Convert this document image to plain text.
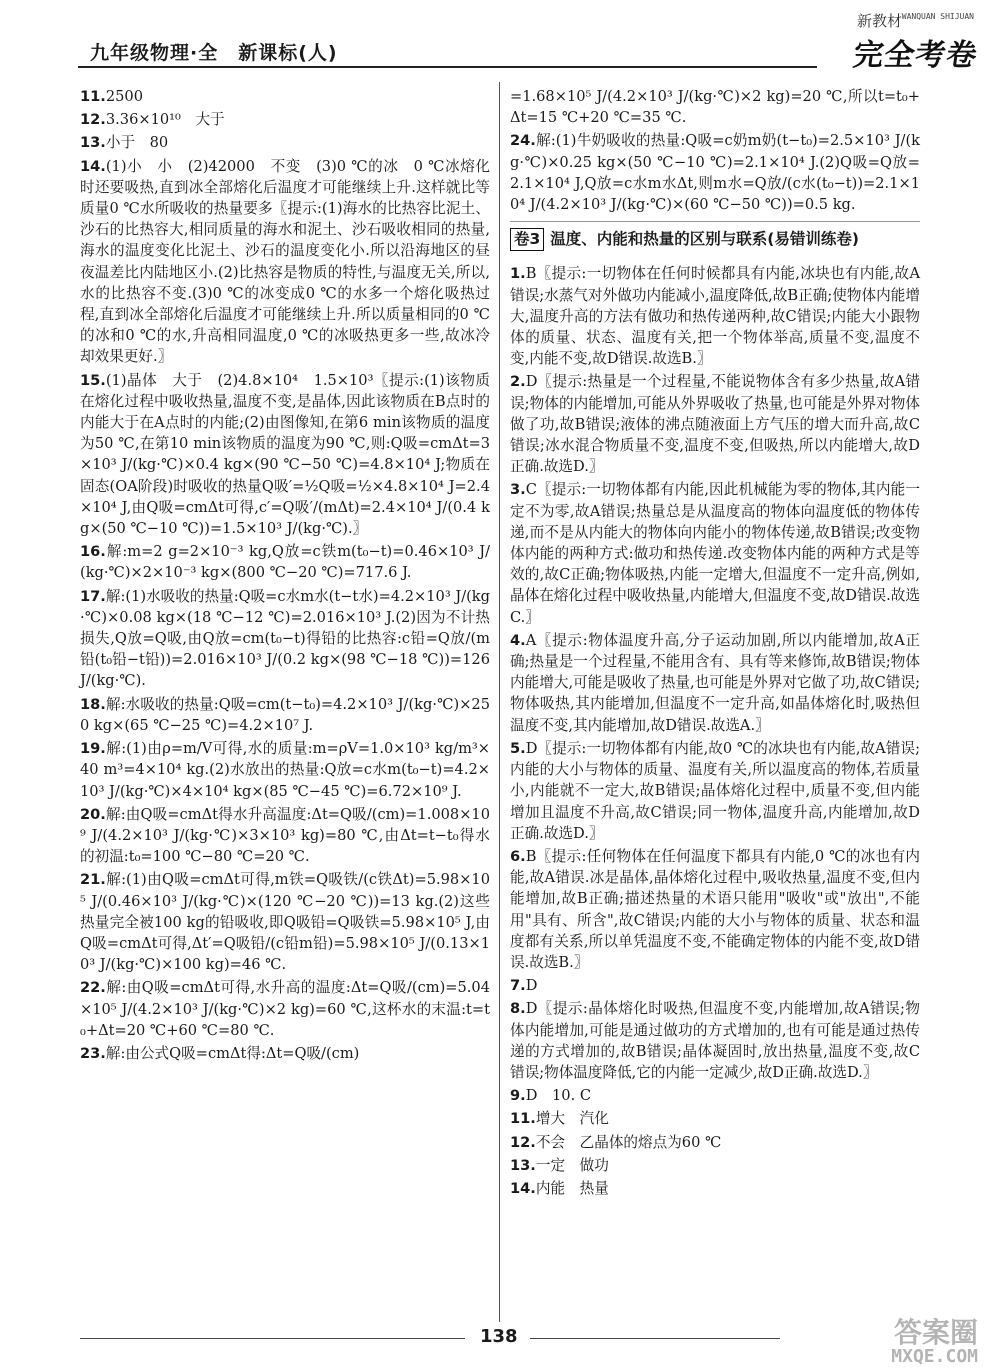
九年级物理·全　新课标(人)
新教材 WANQUAN SHIJUAN
完全考卷

11.2500

12.3.36×10¹⁰　大于

13.小于　80

14.(1)小　小　(2)42000　不变　(3)0 ℃的冰　0 ℃冰熔化时还要吸热,直到冰全部熔化后温度才可能继续上升.这样就比等质量0 ℃水所吸收的热量要多〖提示:(1)海水的比热容比泥土、沙石的比热容大,相同质量的海水和泥土、沙石吸收相同的热量,海水的温度变化比泥土、沙石的温度变化小.所以沿海地区的昼夜温差比内陆地区小.(2)比热容是物质的特性,与温度无关,所以,水的比热容不变.(3)0 ℃的冰变成0 ℃的水多一个熔化吸热过程,直到冰全部熔化后温度才可能继续上升.所以质量相同的0 ℃的冰和0 ℃的水,升高相同温度,0 ℃的冰吸热更多一些,故冰冷却效果更好.〗

15.(1)晶体　大于　(2)4.8×10⁴　1.5×10³〖提示:(1)该物质在熔化过程中吸收热量,温度不变,是晶体,因此该物质在B点时的内能大于在A点时的内能;(2)由图像知,在第6 min该物质的温度为50 ℃,在第10 min该物质的温度为90 ℃,则:Q吸=cmΔt=3×10³ J/(kg·℃)×0.4 kg×(90 ℃−50 ℃)=4.8×10⁴ J;物质在固态(OA阶段)时吸收的热量Q吸′=½Q吸=½×4.8×10⁴ J=2.4×10⁴ J,由Q吸=cmΔt可得,c′=Q吸′/(mΔt)=2.4×10⁴ J/(0.4 kg×(50 ℃−10 ℃))=1.5×10³ J/(kg·℃).〗

16.解:m=2 g=2×10⁻³ kg,Q放=c铁m(t₀−t)=0.46×10³ J/(kg·℃)×2×10⁻³ kg×(800 ℃−20 ℃)=717.6 J.

17.解:(1)水吸收的热量:Q吸=c水m水(t−t水)=4.2×10³ J/(kg·℃)×0.08 kg×(18 ℃−12 ℃)=2.016×10³ J.(2)因为不计热损失,Q放=Q吸,由Q放=cm(t₀−t)得铅的比热容:c铅=Q放/(m铅(t₀铅−t铅))=2.016×10³ J/(0.2 kg×(98 ℃−18 ℃))=126 J/(kg·℃).

18.解:水吸收的热量:Q吸=cm(t−t₀)=4.2×10³ J/(kg·℃)×250 kg×(65 ℃−25 ℃)=4.2×10⁷ J.

19.解:(1)由ρ=m/V可得,水的质量:m=ρV=1.0×10³ kg/m³×40 m³=4×10⁴ kg.(2)水放出的热量:Q放=c水m(t₀−t)=4.2×10³ J/(kg·℃)×4×10⁴ kg×(85 ℃−45 ℃)=6.72×10⁹ J.

20.解:由Q吸=cmΔt得水升高温度:Δt=Q吸/(cm)=1.008×10⁹ J/(4.2×10³ J/(kg·℃)×3×10³ kg)=80 ℃,由Δt=t−t₀得水的初温:t₀=100 ℃−80 ℃=20 ℃.

21.解:(1)由Q吸=cmΔt可得,m铁=Q吸铁/(c铁Δt)=5.98×10⁵ J/(0.46×10³ J/(kg·℃)×(120 ℃−20 ℃))=13 kg.(2)这些热量完全被100 kg的铅吸收,即Q吸铅=Q吸铁=5.98×10⁵ J,由Q吸=cmΔt可得,Δt′=Q吸铅/(c铅m铅)=5.98×10⁵ J/(0.13×10³ J/(kg·℃)×100 kg)=46 ℃.

22.解:由Q吸=cmΔt可得,水升高的温度:Δt=Q吸/(cm)=5.04×10⁵ J/(4.2×10³ J/(kg·℃)×2 kg)=60 ℃,这杯水的末温:t=t₀+Δt=20 ℃+60 ℃=80 ℃.

23.解:由公式Q吸=cmΔt得:Δt=Q吸/(cm)

=1.68×10⁵ J/(4.2×10³ J/(kg·℃)×2 kg)=20 ℃,所以t=t₀+Δt=15 ℃+20 ℃=35 ℃.

24.解:(1)牛奶吸收的热量:Q吸=c奶m奶(t−t₀)=2.5×10³ J/(kg·℃)×0.25 kg×(50 ℃−10 ℃)=2.1×10⁴ J.(2)Q吸=Q放=2.1×10⁴ J,Q放=c水m水Δt,则m水=Q放/(c水(t₀−t))=2.1×10⁴ J/(4.2×10³ J/(kg·℃)×(60 ℃−50 ℃))=0.5 kg.

卷3 温度、内能和热量的区别与联系(易错训练卷)

1.B〖提示:一切物体在任何时候都具有内能,冰块也有内能,故A错误;水蒸气对外做功内能减小,温度降低,故B正确;使物体内能增大,温度升高的方法有做功和热传递两种,故C错误;内能大小跟物体的质量、状态、温度有关,把一个物体举高,质量不变,温度不变,内能不变,故D错误.故选B.〗

2.D〖提示:热量是一个过程量,不能说物体含有多少热量,故A错误;物体的内能增加,可能从外界吸收了热量,也可能是外界对物体做了功,故B错误;液体的沸点随液面上方气压的增大而升高,故C错误;冰水混合物质量不变,温度不变,但吸热,所以内能增大,故D正确.故选D.〗

3.C〖提示:一切物体都有内能,因此机械能为零的物体,其内能一定不为零,故A错误;热量总是从温度高的物体向温度低的物体传递,而不是从内能大的物体向内能小的物体传递,故B错误;改变物体内能的两种方式:做功和热传递.改变物体内能的两种方式是等效的,故C正确;物体吸热,内能一定增大,但温度不一定升高,例如,晶体在熔化过程中吸收热量,内能增大,但温度不变,故D错误.故选C.〗

4.A〖提示:物体温度升高,分子运动加剧,所以内能增加,故A正确;热量是一个过程量,不能用含有、具有等来修饰,故B错误;物体内能增大,可能是吸收了热量,也可能是外界对它做了功,故C错误;物体吸热,其内能增加,但温度不一定升高,如晶体熔化时,吸热但温度不变,其内能增加,故D错误.故选A.〗

5.D〖提示:一切物体都有内能,故0 ℃的冰块也有内能,故A错误;内能的大小与物体的质量、温度有关,所以温度高的物体,若质量小,内能就不一定大,故B错误;晶体熔化过程中,质量不变,但内能增加且温度不升高,故C错误;同一物体,温度升高,内能增加,故D正确.故选D.〗

6.B〖提示:任何物体在任何温度下都具有内能,0 ℃的冰也有内能,故A错误.冰是晶体,晶体熔化过程中,吸收热量,温度不变,但内能增加,故B正确;描述热量的术语只能用"吸收"或"放出",不能用"具有、所含",故C错误;内能的大小与物体的质量、状态和温度都有关系,所以单凭温度不变,不能确定物体的内能不变,故D错误.故选B.〗

7.D

8.D〖提示:晶体熔化时吸热,但温度不变,内能增加,故A错误;物体内能增加,可能是通过做功的方式增加的,也有可能是通过热传递的方式增加的,故B错误;晶体凝固时,放出热量,温度不变,故C错误;物体温度降低,它的内能一定减少,故D正确.故选D.〗

9.D　10. C

11.增大　汽化

12.不会　乙晶体的熔点为60 ℃

13.一定　做功

14.内能　热量

138	答案圈
MXQE.COM
